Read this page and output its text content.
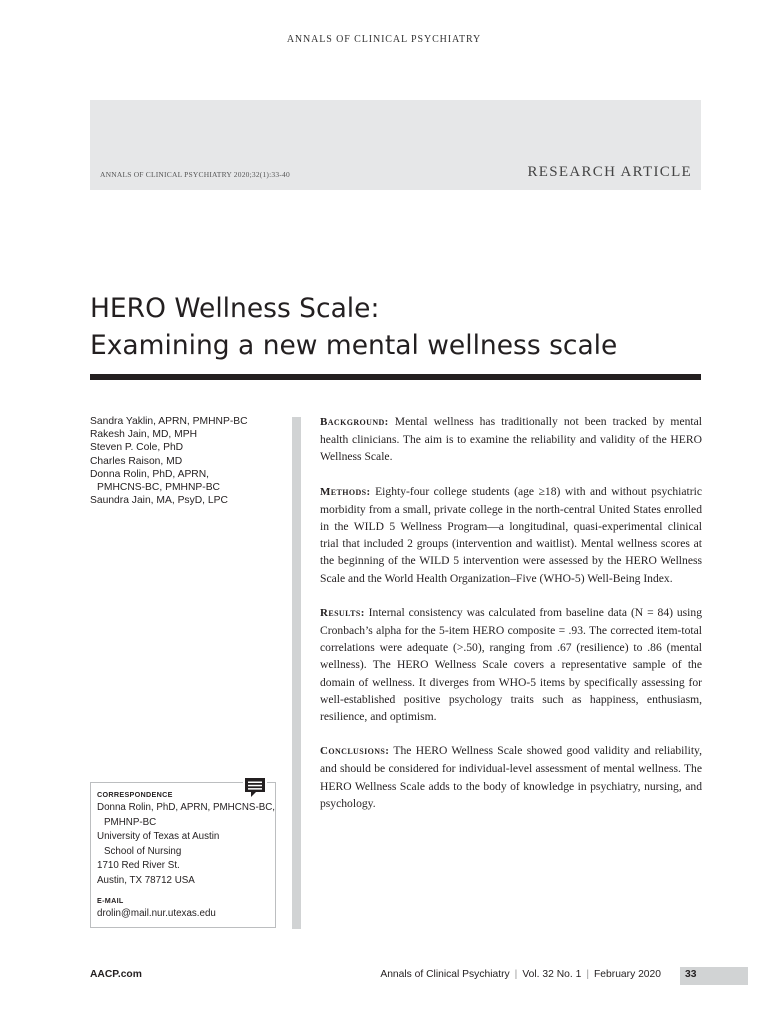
ANNALS OF CLINICAL PSYCHIATRY
ANNALS OF CLINICAL PSYCHIATRY 2020;32(1):33-40	RESEARCH ARTICLE
HERO Wellness Scale:
Examining a new mental wellness scale
Sandra Yaklin, APRN, PMHNP-BC
Rakesh Jain, MD, MPH
Steven P. Cole, PhD
Charles Raison, MD
Donna Rolin, PhD, APRN,
PMHCNS-BC, PMHNP-BC
Saundra Jain, MA, PsyD, LPC
CORRESPONDENCE
Donna Rolin, PhD, APRN, PMHCNS-BC,
PMHNP-BC
University of Texas at Austin
School of Nursing
1710 Red River St.
Austin, TX 78712 USA
E-MAIL
drolin@mail.nur.utexas.edu

Background: Mental wellness has traditionally not been tracked by mental health clinicians. The aim is to examine the reliability and validity of the HERO Wellness Scale.

Methods: Eighty-four college students (age ≥18) with and without psychiatric morbidity from a small, private college in the north-central United States enrolled in the WILD 5 Wellness Program—a longitudinal, quasi-experimental clinical trial that included 2 groups (intervention and waitlist). Mental wellness scores at the beginning of the WILD 5 intervention were assessed by the HERO Wellness Scale and the World Health Organization–Five (WHO-5) Well-Being Index.

Results: Internal consistency was calculated from baseline data (N = 84) using Cronbach’s alpha for the 5-item HERO composite = .93. The corrected item-total correlations were adequate (>.50), ranging from .67 (resilience) to .86 (mental wellness). The HERO Wellness Scale covers a representative sample of the domain of wellness. It diverges from WHO-5 items by specifically assessing for well-established positive psychology traits such as happiness, enthusiasm, resilience, and optimism.

Conclusions: The HERO Wellness Scale showed good validity and reliability, and should be considered for individual-level assessment of mental wellness. The HERO Wellness Scale adds to the body of knowledge in psychiatry, nursing, and psychology.

AACP.com	Annals of Clinical Psychiatry | Vol. 32 No. 1 | February 2020 33
